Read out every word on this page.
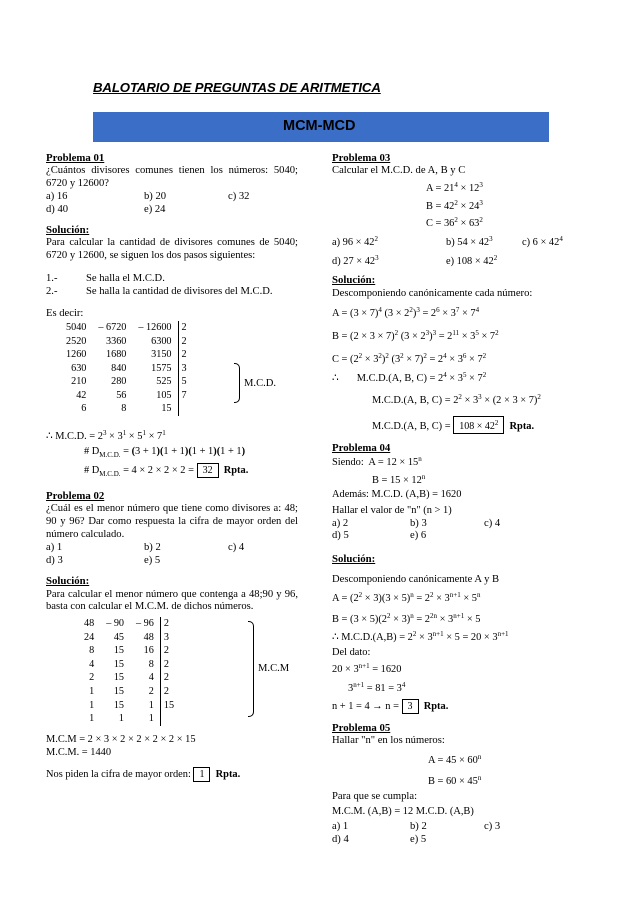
BALOTARIO DE PREGUNTAS DE ARITMETICA
MCM-MCD
Problema 01
¿Cuántos divisores comunes tienen los números: 5040; 6720 y 12600?
a) 16	b) 20	c) 32
d) 40	e) 24
Solución:
Para calcular la cantidad de divisores comunes de 5040; 6720 y 12600, se siguen los dos pasos siguientes:
1.-	Se halla el M.C.D.
2.-	Se halla la cantidad de divisores del M.C.D.
Es decir:
5040	– 6720	– 12600	2
2520	3360	6300	2
1260	1680	3150	2
630	840	1575	3
210	280	525	5
42	56	105	7
6	8	15	
M.C.D.
∴ M.C.D. = $2^3 \times 3^1 \times 5^1 \times 7^1$
# $D_{M.C.D.} = (3 + 1)(1 + 1)(1 + 1)(1 + 1)$
# $D_{M.C.D.} = 4 \times 2 \times 2 \times 2 = 32$ Rpta.
Problema 02
¿Cuál es el menor número que tiene como divisores a: 48; 90 y 96? Dar como respuesta la cifra de mayor orden del número calculado.
a) 1	b) 2	c) 4
d) 3	e) 5
Solución:
Para calcular el menor número que contenga a 48;90 y 96, basta con calcular el M.C.M. de dichos números.
48	– 90	– 96	2
24	45	48	3
8	15	16	2
4	15	8	2
2	15	4	2
1	15	2	2
1	15	1	15
1	1	1	
M.C.M
M.C.M = 2 × 3 × 2 × 2 × 2 × 2 × 15
M.C.M. = 1440
Nos piden la cifra de mayor orden: 1 Rpta.
Problema 03
Calcular el M.C.D. de A, B y C
$A = 21^4 \times 12^3$
$B = 42^2 \times 24^3$
$C = 36^2 \times 63^2$
a) $96 \times 42^2$	b) $54 \times 42^3$	c) $6 \times 42^4$
d) $27 \times 42^3$	e) $108 \times 42^2$
Solución:
Descomponiendo canónicamente cada número:
$A = (3 \times 7)^4$ $(3 \times 2^2)^3 = 2^6 \times 3^7 \times 7^4$
$B = (2 \times 3 \times 7)^2$ $(3 \times 2^3)^3 = 2^{11} \times 3^5 \times 7^2$
$C = (2^2 \times 3^2)^2$ $(3^2 \times 7)^2 = 2^4 \times 3^6 \times 7^2$
∴       M.C.D.(A, B, $C) = 2^4 \times 3^5 \times 7^2$
M.C.D.(A, B, $C) = 2^2 \times 3^3 \times (2 \times 3 \times 7)^2$
M.C.D.(A, B, $C) = 108 \times 42^2$ Rpta.
Problema 04
Siendo:  $A = 12 \times 15^n$
$B = 15 \times 12^n$
Además: M.C.D. (A,B) = 1620
Hallar el valor de "n" (n > 1)
a) 2	b) 3	c) 4
d) 5	e) 6
Solución:
Descomponiendo canónicamente A y B
$A = (2^2 \times 3)(3 \times 5)^n = 2^2 \times 3^{n+1} \times 5^n$
$B = (3 \times 5)(2^2 \times 3)^n = 2^{2n} \times 3^{n+1} \times 5$
∴ $M.C.D.(A,B) = 2^2 \times 3^{n+1} \times 5 = 20 \times 3^{n+1}$
Del dato:
$20 \times 3^{n+1} = 1620$
$3^{n+1} = 81 = 3^4$
n + 1 = 4 → n = 3 Rpta.
Problema 05
Hallar "n" en los números:
$A = 45 \times 60^n$
$B = 60 \times 45^n$
Para que se cumpla:
M.C.M. (A,B) = 12 M.C.D. (A,B)
a) 1	b) 2	c) 3
d) 4	e) 5
